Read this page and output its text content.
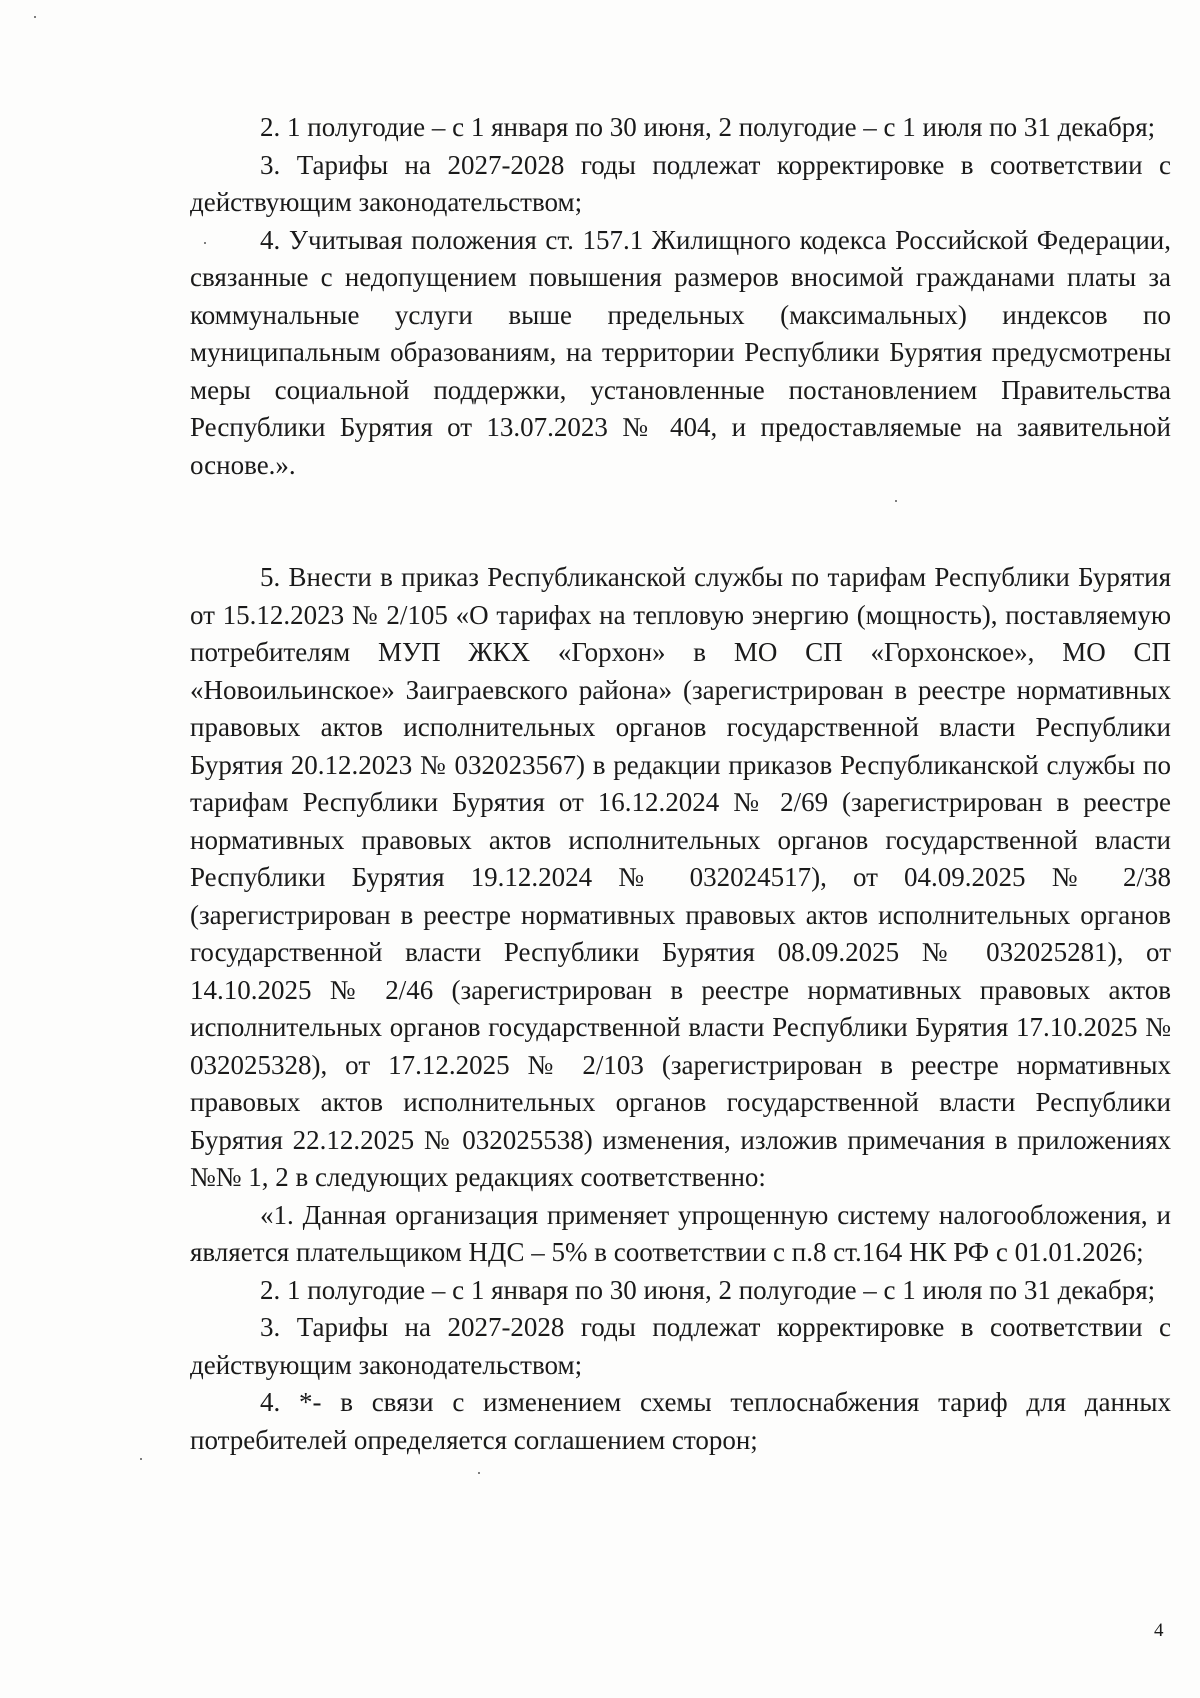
2. 1 полугодие – с 1 января по 30 июня, 2 полугодие – с 1 июля по 31 декабря;

3. Тарифы на 2027-2028 годы подлежат корректировке в соответствии с действующим законодательством;

4. Учитывая положения ст. 157.1 Жилищного кодекса Российской Федерации, связанные с недопущением повышения размеров вносимой гражданами платы за коммунальные услуги выше предельных (максимальных) индексов по муниципальным образованиям, на территории Республики Бурятия предусмотрены меры социальной поддержки, установленные постановлением Правительства Республики Бурятия от 13.07.2023 № 404, и предоставляемые на заявительной основе.».

5. Внести в приказ Республиканской службы по тарифам Республики Бурятия от 15.12.2023 № 2/105 «О тарифах на тепловую энергию (мощность), поставляемую потребителям МУП ЖКХ «Горхон» в МО СП «Горхонское», МО СП «Новоильинское» Заиграевского района» (зарегистрирован в реестре нормативных правовых актов исполнительных органов государственной власти Республики Бурятия 20.12.2023 № 032023567) в редакции приказов Республиканской службы по тарифам Республики Бурятия от 16.12.2024 № 2/69 (зарегистрирован в реестре нормативных правовых актов исполнительных органов государственной власти Республики Бурятия 19.12.2024 № 032024517), от 04.09.2025 № 2/38 (зарегистрирован в реестре нормативных правовых актов исполнительных органов государственной власти Республики Бурятия 08.09.2025 № 032025281), от 14.10.2025 № 2/46 (зарегистрирован в реестре нормативных правовых актов исполнительных органов государственной власти Республики Бурятия 17.10.2025 № 032025328), от 17.12.2025 № 2/103 (зарегистрирован в реестре нормативных правовых актов исполнительных органов государственной власти Республики Бурятия 22.12.2025 № 032025538) изменения, изложив примечания в приложениях №№ 1, 2 в следующих редакциях соответственно:

«1. Данная организация применяет упрощенную систему налогообложения, и является плательщиком НДС – 5% в соответствии с п.8 ст.164 НК РФ с 01.01.2026;

2. 1 полугодие – с 1 января по 30 июня, 2 полугодие – с 1 июля по 31 декабря;

3. Тарифы на 2027-2028 годы подлежат корректировке в соответствии с действующим законодательством;

4. *- в связи с изменением схемы теплоснабжения тариф для данных потребителей определяется соглашением сторон;

4
